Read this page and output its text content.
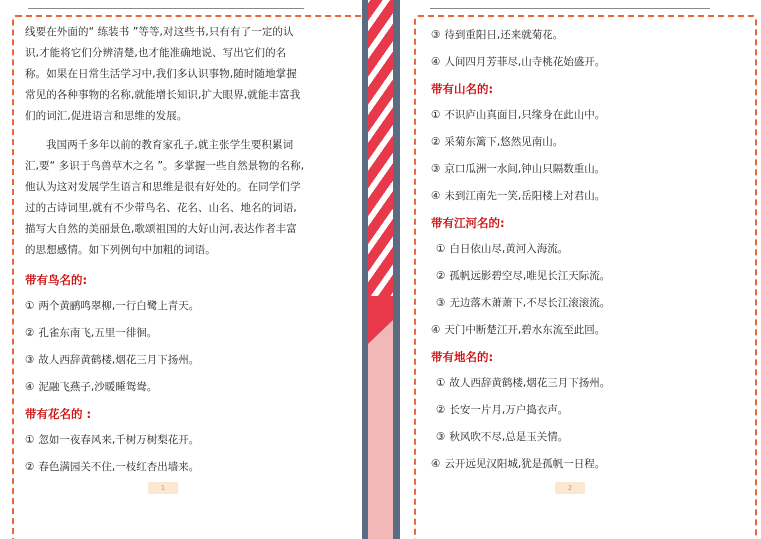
线要在外面的“ 练装书 ”等等,对这些书,只有有了一定的认识,才能将它们分辨清楚,也才能准确地说、写出它们的名称。如果在日常生活学习中,我们多认识事物,随时随地掌握常见的各种事物的名称,就能增长知识,扩大眼界,就能丰富我们的词汇,促进语言和思维的发展。

我国两千多年以前的教育家孔子,就主张学生要积累词汇,要“ 多识于鸟兽草木之名 ”。多掌握一些自然景物的名称,他认为这对发展学生语言和思维是很有好处的。在同学们学过的古诗词里,就有不少带鸟名、花名、山名、地名的词语,描写大自然的美丽景色,歌颂祖国的大好山河,表达作者丰富的思想感情。如下列例句中加粗的词语。

带有鸟名的:

① 两个黄鹂鸣翠柳,一行白鹭上青天。

② 孔雀东南飞,五里一徘徊。

③ 故人西辞黄鹤楼,烟花三月下扬州。

④ 泥融飞燕子,沙暖睡鸳鸯。

带有花名的 :

① 忽如一夜春风来,千树万树梨花开。

② 春色满园关不住,一枝红杏出墙来。

1

③ 待到重阳日,还来就菊花。

④ 人间四月芳菲尽,山寺桃花始盛开。

带有山名的:

① 不识庐山真面目,只缘身在此山中。

② 采菊东篱下,悠然见南山。

③ 京口瓜洲一水间,钟山只隔数重山。

④ 未到江南先一笑,岳阳楼上对君山。

带有江河名的:

① 白日依山尽,黄河入海流。

② 孤帆远影碧空尽,唯见长江天际流。

③ 无边落木萧萧下,不尽长江滚滚流。

④ 天门中断楚江开,碧水东流至此回。

带有地名的:

① 故人西辞黄鹤楼,烟花三月下扬州。

② 长安一片月,万户捣衣声。

③ 秋风吹不尽,总是玉关情。

④ 云开远见汉阳城,犹是孤帆一日程。

2
